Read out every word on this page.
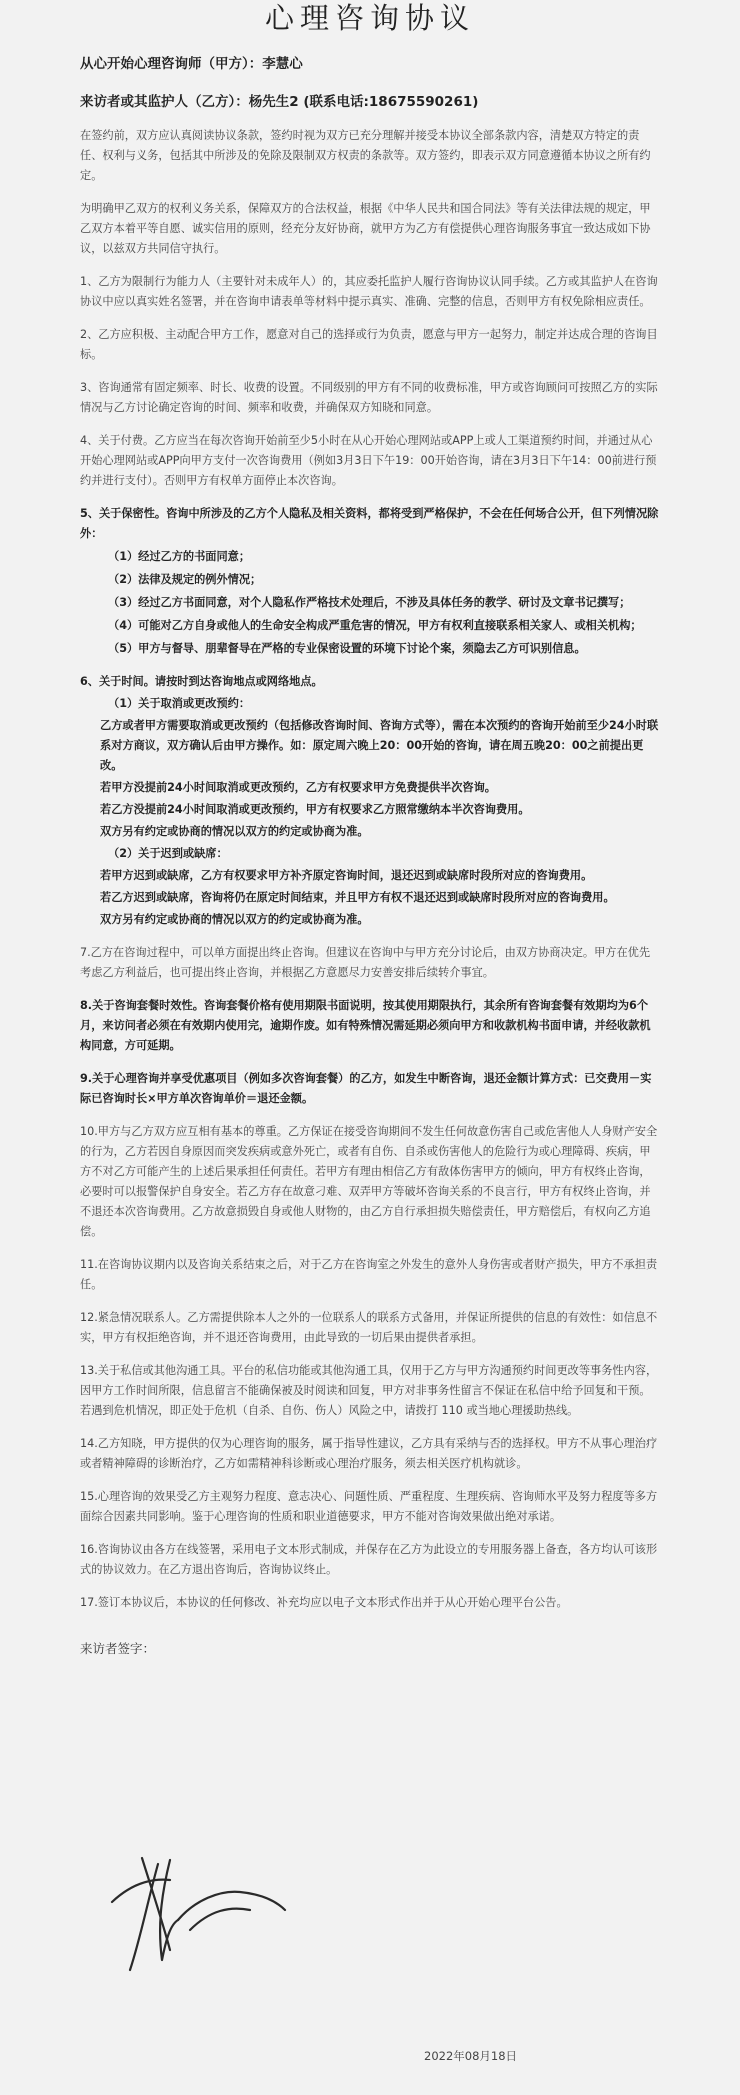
心理咨询协议
从心开始心理咨询师（甲方）：李慧心
来访者或其监护人（乙方）：杨先生2 (联系电话:18675590261)
在签约前，双方应认真阅读协议条款，签约时视为双方已充分理解并接受本协议全部条款内容，清楚双方特定的责任、权利与义务，包括其中所涉及的免除及限制双方权责的条款等。双方签约，即表示双方同意遵循本协议之所有约定。
为明确甲乙双方的权利义务关系，保障双方的合法权益，根据《中华人民共和国合同法》等有关法律法规的规定，甲乙双方本着平等自愿、诚实信用的原则，经充分友好协商，就甲方为乙方有偿提供心理咨询服务事宜一致达成如下协议，以兹双方共同信守执行。
1、乙方为限制行为能力人（主要针对未成年人）的，其应委托监护人履行咨询协议认同手续。乙方或其监护人在咨询协议中应以真实姓名签署，并在咨询申请表单等材料中提示真实、准确、完整的信息，否则甲方有权免除相应责任。
2、乙方应积极、主动配合甲方工作，愿意对自己的选择或行为负责，愿意与甲方一起努力，制定并达成合理的咨询目标。
3、咨询通常有固定频率、时长、收费的设置。不同级别的甲方有不同的收费标准，甲方或咨询顾问可按照乙方的实际情况与乙方讨论确定咨询的时间、频率和收费，并确保双方知晓和同意。
4、关于付费。乙方应当在每次咨询开始前至少5小时在从心开始心理网站或APP上或人工渠道预约时间，并通过从心开始心理网站或APP向甲方支付一次咨询费用（例如3月3日下午19：00开始咨询，请在3月3日下午14：00前进行预约并进行支付）。否则甲方有权单方面停止本次咨询。
5、关于保密性。咨询中所涉及的乙方个人隐私及相关资料，都将受到严格保护，不会在任何场合公开，但下列情况除外：
（1）经过乙方的书面同意；
（2）法律及规定的例外情况；
（3）经过乙方书面同意，对个人隐私作严格技术处理后，不涉及具体任务的教学、研讨及文章书记撰写；
（4）可能对乙方自身或他人的生命安全构成严重危害的情况，甲方有权利直接联系相关家人、或相关机构；
（5）甲方与督导、朋辈督导在严格的专业保密设置的环境下讨论个案，须隐去乙方可识别信息。
6、关于时间。请按时到达咨询地点或网络地点。
（1）关于取消或更改预约：
乙方或者甲方需要取消或更改预约（包括修改咨询时间、咨询方式等），需在本次预约的咨询开始前至少24小时联系对方商议，双方确认后由甲方操作。如：原定周六晚上20：00开始的咨询，请在周五晚20：00之前提出更改。
若甲方没提前24小时间取消或更改预约，乙方有权要求甲方免费提供半次咨询。
若乙方没提前24小时间取消或更改预约，甲方有权要求乙方照常缴纳本半次咨询费用。
双方另有约定或协商的情况以双方的约定或协商为准。
（2）关于迟到或缺席：
若甲方迟到或缺席，乙方有权要求甲方补齐原定咨询时间，退还迟到或缺席时段所对应的咨询费用。
若乙方迟到或缺席，咨询将仍在原定时间结束，并且甲方有权不退还迟到或缺席时段所对应的咨询费用。
双方另有约定或协商的情况以双方的约定或协商为准。
7.乙方在咨询过程中，可以单方面提出终止咨询。但建议在咨询中与甲方充分讨论后，由双方协商决定。甲方在优先考虑乙方利益后，也可提出终止咨询，并根据乙方意愿尽力安善安排后续转介事宜。
8.关于咨询套餐时效性。咨询套餐价格有使用期限书面说明，按其使用期限执行，其余所有咨询套餐有效期均为6个月，来访问者必须在有效期内使用完，逾期作废。如有特殊情况需延期必须向甲方和收款机构书面申请，并经收款机构同意，方可延期。
9.关于心理咨询并享受优惠项目（例如多次咨询套餐）的乙方，如发生中断咨询，退还金额计算方式：已交费用－实际已咨询时长×甲方单次咨询单价＝退还金额。
10.甲方与乙方双方应互相有基本的尊重。乙方保证在接受咨询期间不发生任何故意伤害自己或危害他人人身财产安全的行为，乙方若因自身原因而突发疾病或意外死亡，或者有自伤、自杀或伤害他人的危险行为或心理障碍、疾病，甲方不对乙方可能产生的上述后果承担任何责任。若甲方有理由相信乙方有敌体伤害甲方的倾向，甲方有权终止咨询，必要时可以报警保护自身安全。若乙方存在故意刁难、双弄甲方等破坏咨询关系的不良言行，甲方有权终止咨询，并不退还本次咨询费用。乙方故意损毁自身或他人财物的，由乙方自行承担损失赔偿责任，甲方赔偿后，有权向乙方追偿。
11.在咨询协议期内以及咨询关系结束之后，对于乙方在咨询室之外发生的意外人身伤害或者财产损失，甲方不承担责任。
12.紧急情况联系人。乙方需提供除本人之外的一位联系人的联系方式备用，并保证所提供的信息的有效性：如信息不实，甲方有权拒绝咨询，并不退还咨询费用，由此导致的一切后果由提供者承担。
13.关于私信或其他沟通工具。平台的私信功能或其他沟通工具，仅用于乙方与甲方沟通预约时间更改等事务性内容，因甲方工作时间所限，信息留言不能确保被及时阅读和回复，甲方对非事务性留言不保证在私信中给予回复和干预。若遇到危机情况，即正处于危机（自杀、自伤、伤人）风险之中，请拨打 110 或当地心理援助热线。
14.乙方知晓，甲方提供的仅为心理咨询的服务，属于指导性建议，乙方具有采纳与否的选择权。甲方不从事心理治疗或者精神障碍的诊断治疗，乙方如需精神科诊断或心理治疗服务，须去相关医疗机构就诊。
15.心理咨询的效果受乙方主观努力程度、意志决心、问题性质、严重程度、生理疾病、咨询师水平及努力程度等多方面综合因素共同影响。鉴于心理咨询的性质和职业道德要求，甲方不能对咨询效果做出绝对承诺。
16.咨询协议由各方在线签署，采用电子文本形式制成，并保存在乙方为此设立的专用服务器上备查，各方均认可该形式的协议效力。在乙方退出咨询后，咨询协议终止。
17.签订本协议后，本协议的任何修改、补充均应以电子文本形式作出并于从心开始心理平台公告。
来访者签字：
2022年08月18日
